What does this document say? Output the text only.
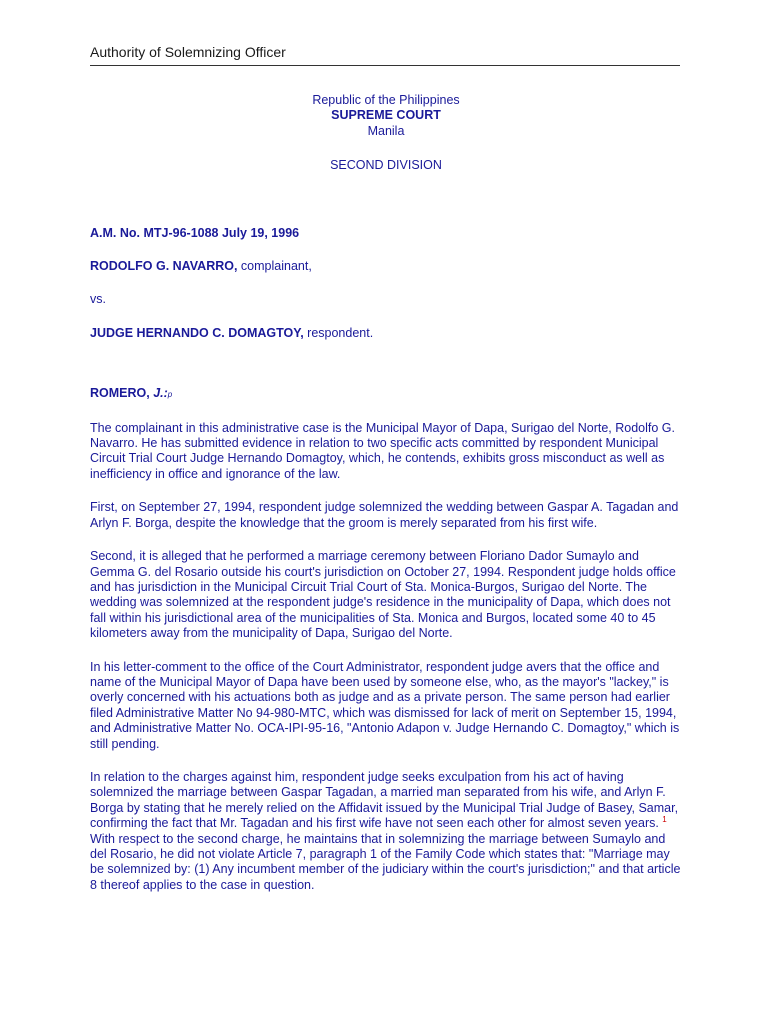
Authority of Solemnizing Officer

Republic of the Philippines

SUPREME COURT

Manila

SECOND DIVISION

A.M. No. MTJ-96-1088 July 19, 1996

RODOLFO G. NAVARRO, complainant,

vs.

JUDGE HERNANDO C. DOMAGTOY, respondent.

ROMERO, J.:p

The complainant in this administrative case is the Municipal Mayor of Dapa, Surigao del Norte, Rodolfo G. Navarro. He has submitted evidence in relation to two specific acts committed by respondent Municipal Circuit Trial Court Judge Hernando Domagtoy, which, he contends, exhibits gross misconduct as well as inefficiency in office and ignorance of the law.

First, on September 27, 1994, respondent judge solemnized the wedding between Gaspar A. Tagadan and Arlyn F. Borga, despite the knowledge that the groom is merely separated from his first wife.

Second, it is alleged that he performed a marriage ceremony between Floriano Dador Sumaylo and Gemma G. del Rosario outside his court's jurisdiction on October 27, 1994. Respondent judge holds office and has jurisdiction in the Municipal Circuit Trial Court of Sta. Monica-Burgos, Surigao del Norte. The wedding was solemnized at the respondent judge's residence in the municipality of Dapa, which does not fall within his jurisdictional area of the municipalities of Sta. Monica and Burgos, located some 40 to 45 kilometers away from the municipality of Dapa, Surigao del Norte.

In his letter-comment to the office of the Court Administrator, respondent judge avers that the office and name of the Municipal Mayor of Dapa have been used by someone else, who, as the mayor's "lackey," is overly concerned with his actuations both as judge and as a private person. The same person had earlier filed Administrative Matter No 94-980-MTC, which was dismissed for lack of merit on September 15, 1994, and Administrative Matter No. OCA-IPI-95-16, "Antonio Adapon v. Judge Hernando C. Domagtoy," which is still pending.

In relation to the charges against him, respondent judge seeks exculpation from his act of having solemnized the marriage between Gaspar Tagadan, a married man separated from his wife, and Arlyn F. Borga by stating that he merely relied on the Affidavit issued by the Municipal Trial Judge of Basey, Samar, confirming the fact that Mr. Tagadan and his first wife have not seen each other for almost seven years. $^1$ With respect to the second charge, he maintains that in solemnizing the marriage between Sumaylo and del Rosario, he did not violate Article 7, paragraph 1 of the Family Code which states that: "Marriage may be solemnized by: (1) Any incumbent member of the judiciary within the court's jurisdiction;" and that article 8 thereof applies to the case in question.
